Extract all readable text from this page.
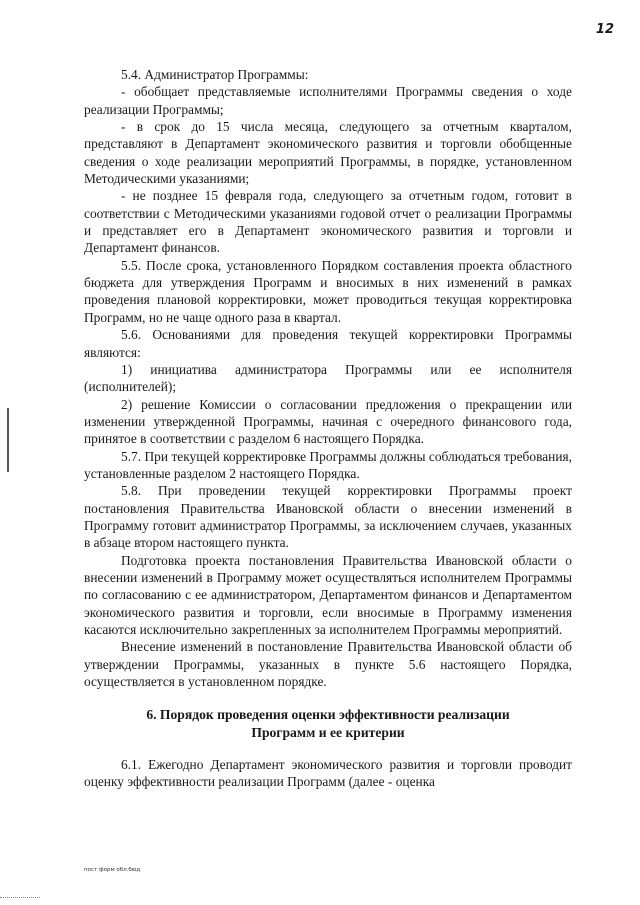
12

5.4. Администратор Программы:

- обобщает представляемые исполнителями Программы сведения о ходе реализации Программы;

- в срок до 15 числа месяца, следующего за отчетным кварталом, представляют в Департамент экономического развития и торговли обобщенные сведения о ходе реализации мероприятий Программы, в порядке, установленном Методическими указаниями;

- не позднее 15 февраля года, следующего за отчетным годом, готовит в соответствии с Методическими указаниями годовой отчет о реализации Программы и представляет его в Департамент экономического развития и торговли и Департамент финансов.

5.5. После срока, установленного Порядком составления проекта областного бюджета для утверждения Программ и вносимых в них изменений в рамках проведения плановой корректировки, может проводиться текущая корректировка Программ, но не чаще одного раза в квартал.

5.6. Основаниями для проведения текущей корректировки Программы являются:

1) инициатива администратора Программы или ее исполнителя (исполнителей);

2) решение Комиссии о согласовании предложения о прекращении или изменении утвержденной Программы, начиная с очередного финансового года, принятое в соответствии с разделом 6 настоящего Порядка.

5.7. При текущей корректировке Программы должны соблюдаться требования, установленные разделом 2 настоящего Порядка.

5.8. При проведении текущей корректировки Программы проект постановления Правительства Ивановской области о внесении изменений в Программу готовит администратор Программы, за исключением случаев, указанных в абзаце втором настоящего пункта.

Подготовка проекта постановления Правительства Ивановской области о внесении изменений в Программу может осуществляться исполнителем Программы по согласованию с ее администратором, Департаментом финансов и Департаментом экономического развития и торговли, если вносимые в Программу изменения касаются исключительно закрепленных за исполнителем Программы мероприятий.

Внесение изменений в постановление Правительства Ивановской области об утверждении Программы, указанных в пункте 5.6 настоящего Порядка, осуществляется в установленном порядке.

6. Порядок проведения оценки эффективности реализации
Программ и ее критерии

6.1. Ежегодно Департамент экономического развития и торговли проводит оценку эффективности реализации Программ (далее - оценка

пост форм обл.бюд
